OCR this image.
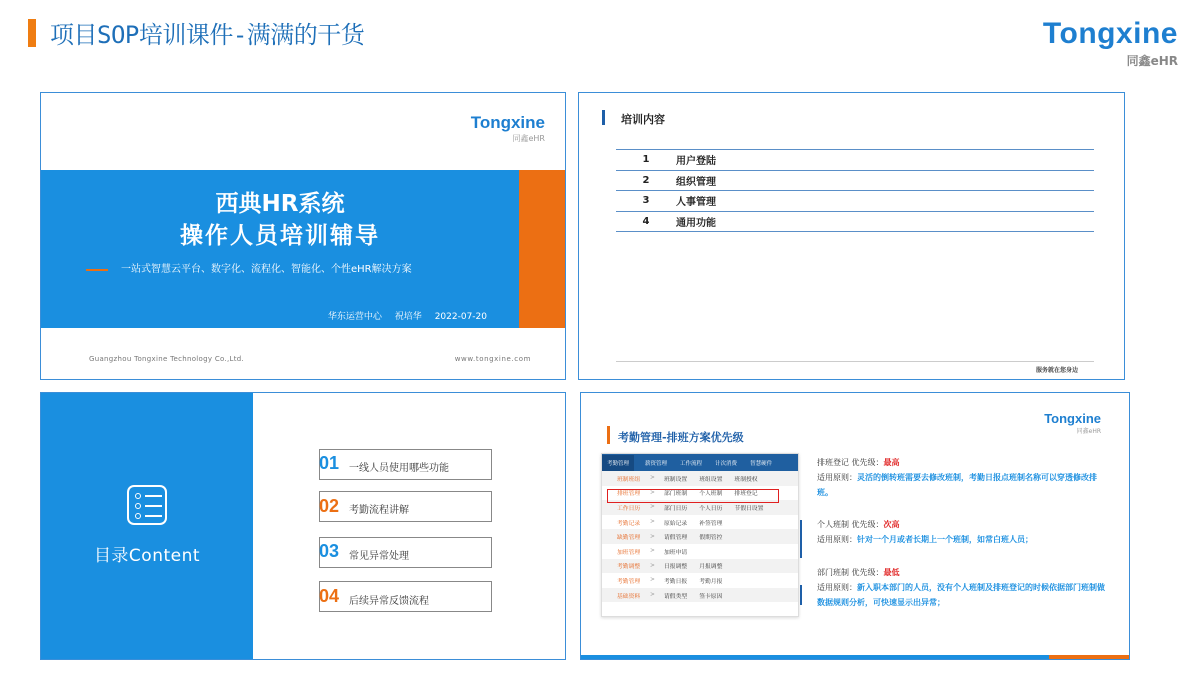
项目SOP培训课件-满满的干货	Tongxine
同鑫eHR
Tongxine
同鑫eHR
西典HR系统
操作人员培训辅导
一站式智慧云平台、数字化、流程化、智能化、个性eHR解决方案
华东运营中心 祝培华 2022-07-20
Guangzhou Tongxine Technology Co.,Ltd.	www.tongxine.com
培训内容
1	用户登陆
2	组织管理
3	人事管理
4	通用功能
服务就在您身边
目录Content
01 一线人员使用哪些功能
02 考勤流程讲解
03 常见异常处理
04 后续异常反馈流程
Tongxine
同鑫eHR
考勤管理-排班方案优先级
考勤管理	薪资管理 工作流程 计次消费 智慧硬件
班制班组	>	班制设置 班组设置 班制授权
排班管理	>	部门班制 个人班制 排班登记
工作日历	>	部门日历 个人日历 节假日设置
考勤记录	>	原始记录 补签管理
缺勤管理	>	请假管理 假期管控
加班管理	>	加班申请
考勤调整	>	日报调整 月报调整
考勤管理	>	考勤日报 考勤月报
基础资料	>	请假类型 签卡原因
排班登记 优先级：最高
适用原则：灵活的倒转班需要去修改班制，考勤日报点班制名称可以穿透修改排班。
个人班制 优先级：次高
适用原则：针对一个月或者长期上一个班制，如常白班人员；
部门班制 优先级：最低
适用原则：新入职本部门的人员，没有个人班制及排班登记的时候依据部门班制做数据规则分析，可快速显示出异常；
